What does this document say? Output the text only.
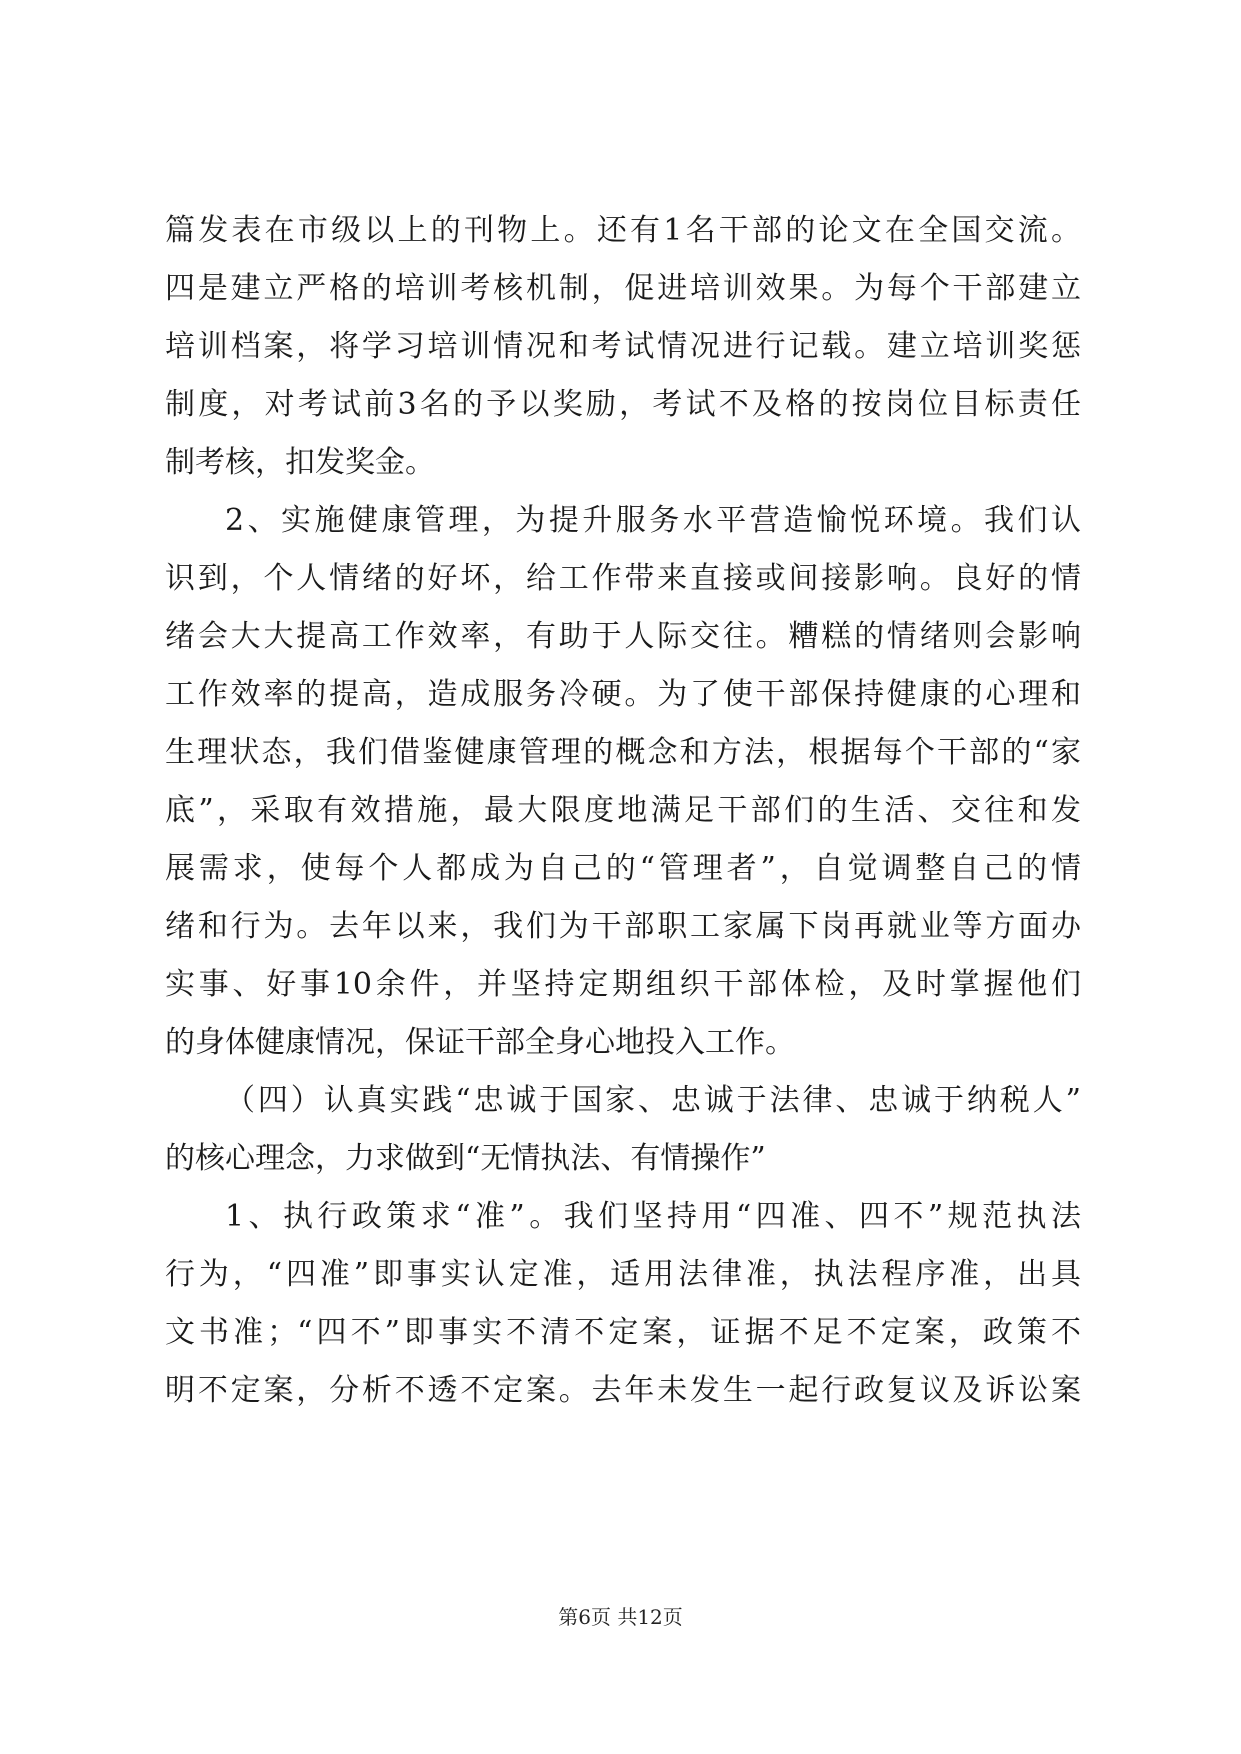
篇发表在市级以上的刊物上。还有1名干部的论文在全国交流。
四是建立严格的培训考核机制，促进培训效果。为每个干部建立
培训档案，将学习培训情况和考试情况进行记载。建立培训奖惩
制度，对考试前3名的予以奖励，考试不及格的按岗位目标责任
制考核，扣发奖金。
2、实施健康管理，为提升服务水平营造愉悦环境。我们认
识到，个人情绪的好坏，给工作带来直接或间接影响。良好的情
绪会大大提高工作效率，有助于人际交往。糟糕的情绪则会影响
工作效率的提高，造成服务冷硬。为了使干部保持健康的心理和
生理状态，我们借鉴健康管理的概念和方法，根据每个干部的“家
底”，采取有效措施，最大限度地满足干部们的生活、交往和发
展需求，使每个人都成为自己的“管理者”，自觉调整自己的情
绪和行为。去年以来，我们为干部职工家属下岗再就业等方面办
实事、好事10余件，并坚持定期组织干部体检，及时掌握他们
的身体健康情况，保证干部全身心地投入工作。
（四）认真实践“忠诚于国家、忠诚于法律、忠诚于纳税人”
的核心理念，力求做到“无情执法、有情操作”
1、执行政策求“准”。我们坚持用“四准、四不”规范执法
行为，“四准”即事实认定准，适用法律准，执法程序准，出具
文书准；“四不”即事实不清不定案，证据不足不定案，政策不
明不定案，分析不透不定案。去年未发生一起行政复议及诉讼案
第6页 共12页
